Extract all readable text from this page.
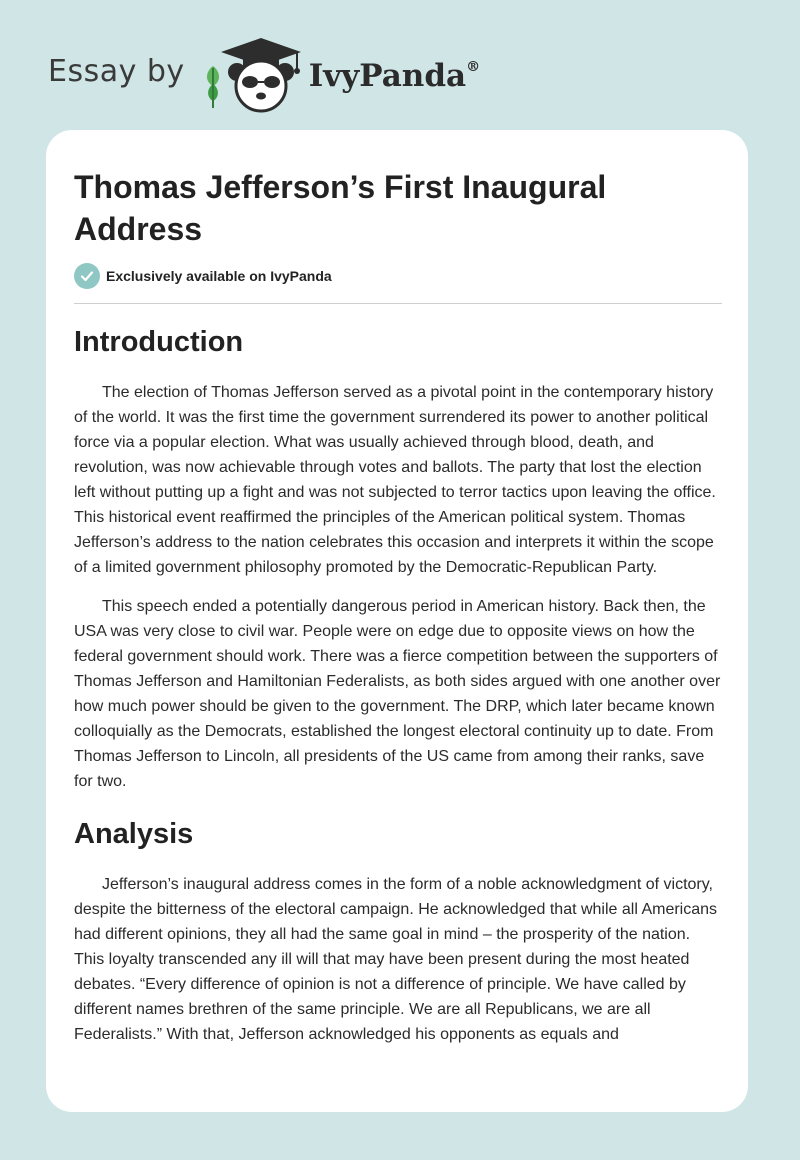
Essay by	IvyPanda®
Thomas Jefferson’s First Inaugural Address
Exclusively available on IvyPanda
Introduction

The election of Thomas Jefferson served as a pivotal point in the contemporary history of the world. It was the first time the government surrendered its power to another political force via a popular election. What was usually achieved through blood, death, and revolution, was now achievable through votes and ballots. The party that lost the election left without putting up a fight and was not subjected to terror tactics upon leaving the office. This historical event reaffirmed the principles of the American political system. Thomas Jefferson’s address to the nation celebrates this occasion and interprets it within the scope of a limited government philosophy promoted by the Democratic-Republican Party.

This speech ended a potentially dangerous period in American history. Back then, the USA was very close to civil war. People were on edge due to opposite views on how the federal government should work. There was a fierce competition between the supporters of Thomas Jefferson and Hamiltonian Federalists, as both sides argued with one another over how much power should be given to the government. The DRP, which later became known colloquially as the Democrats, established the longest electoral continuity up to date. From Thomas Jefferson to Lincoln, all presidents of the US came from among their ranks, save for two.

Analysis

Jefferson’s inaugural address comes in the form of a noble acknowledgment of victory, despite the bitterness of the electoral campaign. He acknowledged that while all Americans had different opinions, they all had the same goal in mind – the prosperity of the nation. This loyalty transcended any ill will that may have been present during the most heated debates. “Every difference of opinion is not a difference of principle. We have called by different names brethren of the same principle. We are all Republicans, we are all Federalists.” With that, Jefferson acknowledged his opponents as equals and
